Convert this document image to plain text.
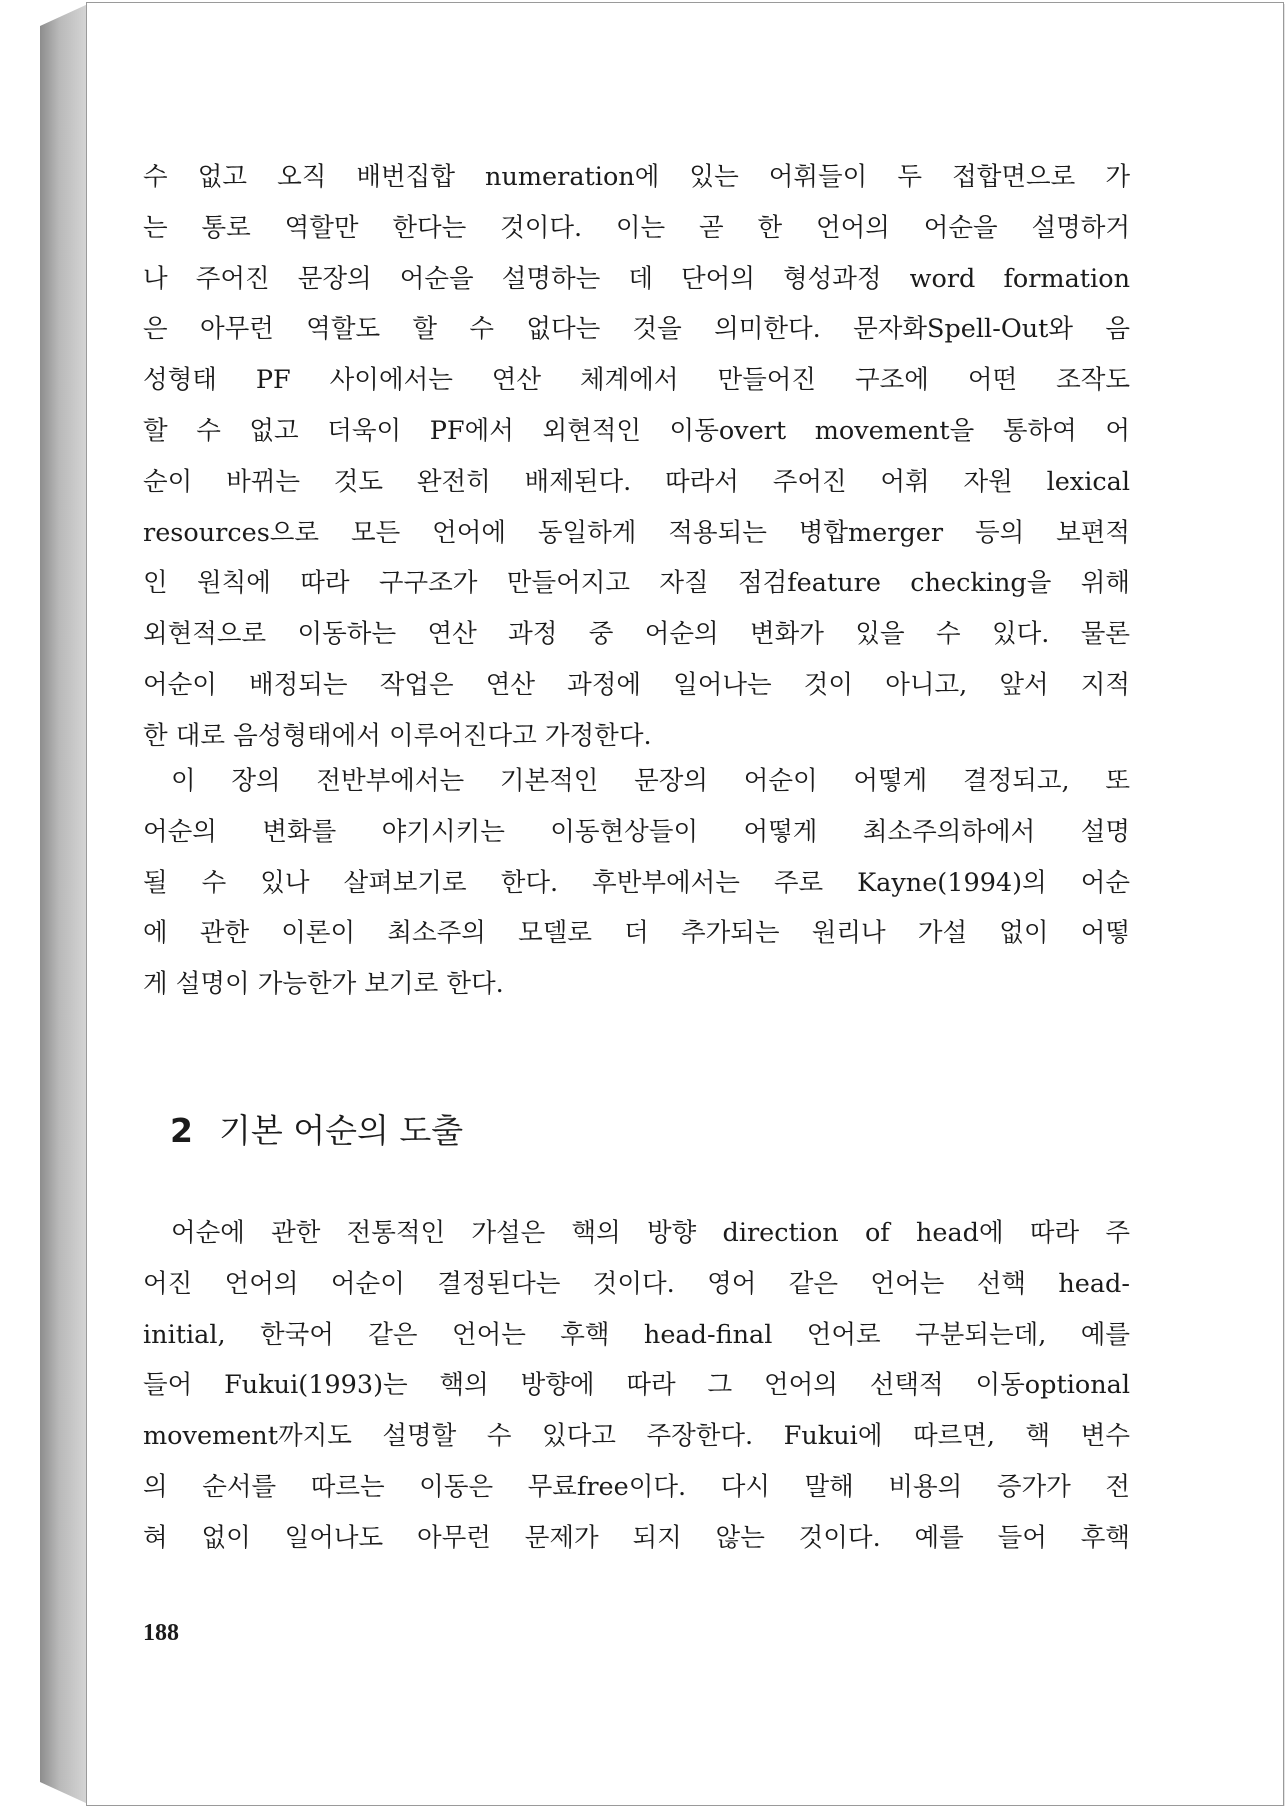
수 없고 오직 배번집합 numeration에 있는 어휘들이 두 접합면으로 가
는 통로 역할만 한다는 것이다. 이는 곧 한 언어의 어순을 설명하거
나 주어진 문장의 어순을 설명하는 데 단어의 형성과정 word formation
은 아무런 역할도 할 수 없다는 것을 의미한다. 문자화Spell-Out와 음
성형태 PF 사이에서는 연산 체계에서 만들어진 구조에 어떤 조작도
할 수 없고 더욱이 PF에서 외현적인 이동overt movement을 통하여 어
순이 바뀌는 것도 완전히 배제된다. 따라서 주어진 어휘 자원 lexical
resources으로 모든 언어에 동일하게 적용되는 병합merger 등의 보편적
인 원칙에 따라 구구조가 만들어지고 자질 점검feature checking을 위해
외현적으로 이동하는 연산 과정 중 어순의 변화가 있을 수 있다. 물론
어순이 배정되는 작업은 연산 과정에 일어나는 것이 아니고, 앞서 지적
한 대로 음성형태에서 이루어진다고 가정한다.
이 장의 전반부에서는 기본적인 문장의 어순이 어떻게 결정되고, 또
어순의 변화를 야기시키는 이동현상들이 어떻게 최소주의하에서 설명
될 수 있나 살펴보기로 한다. 후반부에서는 주로 Kayne(1994)의 어순
에 관한 이론이 최소주의 모델로 더 추가되는 원리나 가설 없이 어떻
게 설명이 가능한가 보기로 한다.
2 기본 어순의 도출
어순에 관한 전통적인 가설은 핵의 방향 direction of head에 따라 주
어진 언어의 어순이 결정된다는 것이다. 영어 같은 언어는 선핵 head-
initial, 한국어 같은 언어는 후핵 head-final 언어로 구분되는데, 예를
들어 Fukui(1993)는 핵의 방향에 따라 그 언어의 선택적 이동optional
movement까지도 설명할 수 있다고 주장한다. Fukui에 따르면, 핵 변수
의 순서를 따르는 이동은 무료free이다. 다시 말해 비용의 증가가 전
혀 없이 일어나도 아무런 문제가 되지 않는 것이다. 예를 들어 후핵
188
